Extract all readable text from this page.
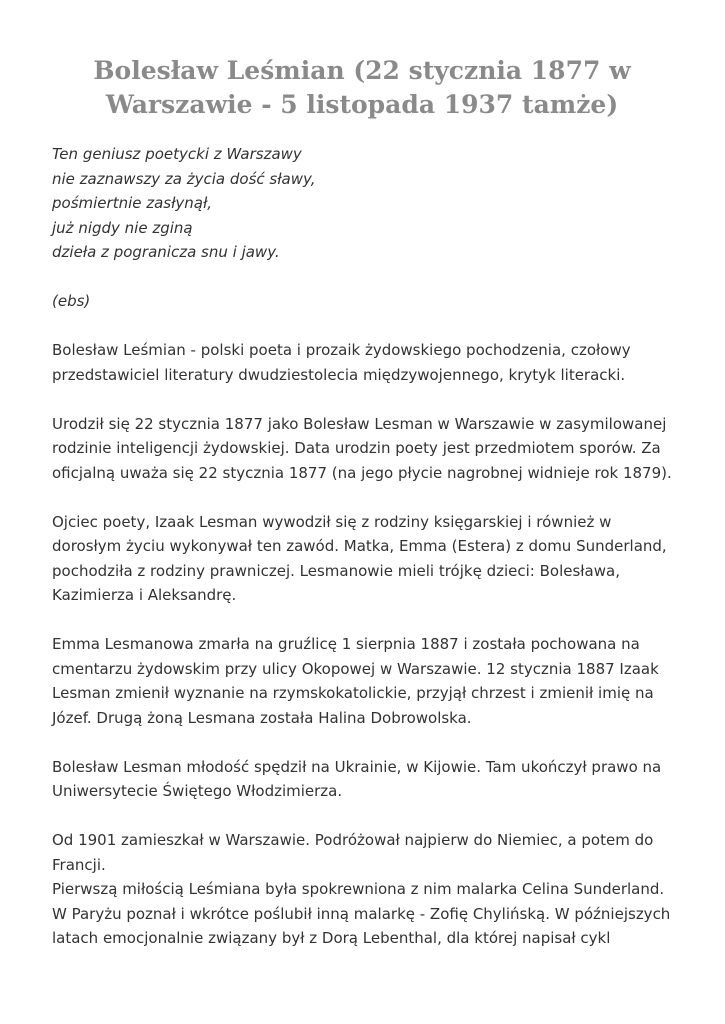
Bolesław Leśmian (22 stycznia 1877 w Warszawie - 5 listopada 1937 tamże)
Ten geniusz poetycki z Warszawy
nie zaznawszy za życia dość sławy,
pośmiertnie zasłynął,
już nigdy nie zginą
dzieła z pogranicza snu i jawy.
(ebs)
Bolesław Leśmian - polski poeta i prozaik żydowskiego pochodzenia, czołowy
przedstawiciel literatury dwudziestolecia międzywojennego, krytyk literacki.
Urodził się 22 stycznia 1877 jako Bolesław Lesman w Warszawie w zasymilowanej
rodzinie inteligencji żydowskiej. Data urodzin poety jest przedmiotem sporów. Za
oficjalną uważa się 22 stycznia 1877 (na jego płycie nagrobnej widnieje rok 1879).
Ojciec poety, Izaak Lesman wywodził się z rodziny księgarskiej i również w
dorosłym życiu wykonywał ten zawód. Matka, Emma (Estera) z domu Sunderland,
pochodziła z rodziny prawniczej. Lesmanowie mieli trójkę dzieci: Bolesława,
Kazimierza i Aleksandrę.
Emma Lesmanowa zmarła na gruźlicę 1 sierpnia 1887 i została pochowana na
cmentarzu żydowskim przy ulicy Okopowej w Warszawie. 12 stycznia 1887 Izaak
Lesman zmienił wyznanie na rzymskokatolickie, przyjął chrzest i zmienił imię na
Józef. Drugą żoną Lesmana została Halina Dobrowolska.
Bolesław Lesman młodość spędził na Ukrainie, w Kijowie. Tam ukończył prawo na
Uniwersytecie Świętego Włodzimierza.
Od 1901 zamieszkał w Warszawie. Podróżował najpierw do Niemiec, a potem do
Francji.
Pierwszą miłością Leśmiana była spokrewniona z nim malarka Celina Sunderland.
W Paryżu poznał i wkrótce poślubił inną malarkę - Zofię Chylińską. W późniejszych
latach emocjonalnie związany był z Dorą Lebenthal, dla której napisał cykl
